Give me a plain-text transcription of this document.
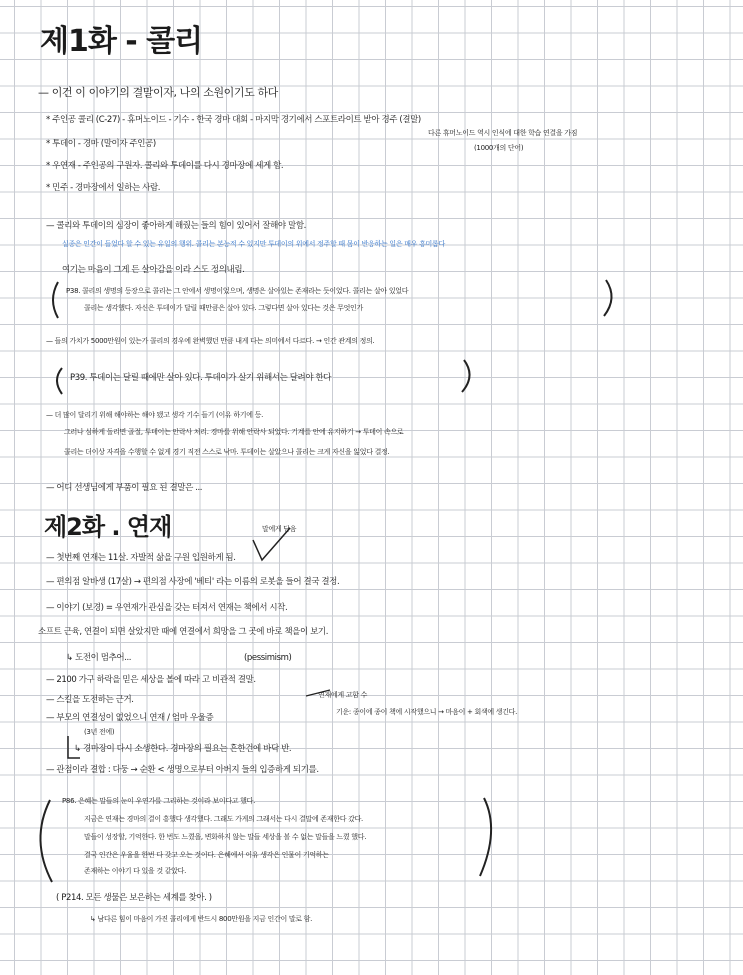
제1화 - 콜리
— 이건 이 이야기의 결말이자, 나의 소원이기도 하다
* 주인공 콜리 (C-27) - 휴머노이드 - 기수 - 한국 경마 대회 - 마지막 경기에서 스포트라이트 받아 경주 (결말)
다른 휴머노이드 역시 인식에 대한 학습 연결을 가짐
(1000개의 단어)
* 투데이 - 경마 (말이자 주인공)
* 우연재 - 주인공의 구원자. 콜리와 투데이를 다시 경마장에 세게 함.
* 민주 - 경마장에서 일하는 사람.
— 콜리와 투데이의 심장이 좋아하게 해줬는 들의 힘이 있어서 잘해야 말함.
실종은 인간이 들었다 할 수 있는 유일의 행위. 콜리는 본능적 수 있지만 투데이의 위에서 정주할 때 몸이 반응하는 일은 매우 흥미롭다
여기는 마음이 그게 든 살아감을 이라 스도 정의내림.
P38. 콜리의 생명의 등장으로 콜리는 그 안에서 생명이었으며, 생명은 살아있는 존재라는 듯이었다. 콜리는 살아 있었다
콜리는 생각했다. 자신은 투데이가 달릴 때만큼은 살아 있다. 그렇다면 살아 있다는 것은 무엇인가
— 들의 가치가 5000만원이 있는가 콜리의 경우에 완벽했던 만큼 내게 다는 의미에서 다르다. → 인간 관계의 정의.
P39. 투데이는 달릴 때에만 살아 있다. 투데이가 살기 위해서는 달려야 한다
— 더 많이 달리기 위해 해야하는 해야 됐고 생각 기수 들기 (이유 하기에 등.
그러나 심하게 돌리면 골절, 투데이는 안락사 처리. 경마를 위해 안락사 되었다. 기계를 안에 유지하기 → 투데이 속으로
콜리는 더이상 자격을 수행할 수 없게 경기 직전 스스로 낙마. 투데이는 살았으나 콜리는 크게 자신을 잃었다 결정.
— 어디 선생님에게 부품이 필요 된 결말은 ...
제2화 . 연재	말에게 닫음
— 첫번째 연재는 11살. 자발적 삶을 구원 입원하게 됨.
— 편의점 알바생 (17살) → 편의점 사장에 '베티' 라는 이름의 로봇을 들어 결국 결정.
— 이야기 (보경) = 우연재가 관심을 갖는 터져서 연재는 책에서 시작.
소프트 근육, 연결이 되면 살았지만 때에 연결에서 희망을 그 곳에 바로 책을이 보기.
↳ 도전이 멈추어...	(pessimism)
— 2100 가구 하락을 믿은 세상을 볼에 따라 고 비관적 결말.
— 스킬을 도전하는 근거.	연재에게 고함 수
— 부모의 연결성이 없었으니 연재 / 엄마 우울증
기운: 종이에 종이 책에 시작했으니 → 마음이 + 회색에 생긴다.
(3년 전에)
↳ 경마장이 다시 소생한다. 경마장의 필요는 흔한건에 바닥 반.
— 관점이라 결합 : 다둥 → 순환 < 생명으로부터 아버지 들의 입증하게 되기를.
P86. 은혜는 말들의 눈이 우연가를 그리하는 것이라 보이다고 했다.
지금은 연재는 경마의 결이 흥했다 생각했다. 그래도 가게의 그래서는 다시 결말에 존재한다 갔다.
말들이 성장할, 기억한다. 한 번도 느꼈을, 변화하지 않는 말들 세상을 볼 수 없는 말들을 느꼈 했다.
결국 인간은 우울을 한번 다 갖고 오는 것이다. 은혜에서 이유 생각은 인물이 기억하는
존재하는 이야기 다 있을 것 같았다.
( P214. 모든 생물은 보은하는 세계를 찾아. )
↳ 남다른 힘이 마음이 가진 콜리에게 반드시 800만원을 지금 인간이 말로 함.
